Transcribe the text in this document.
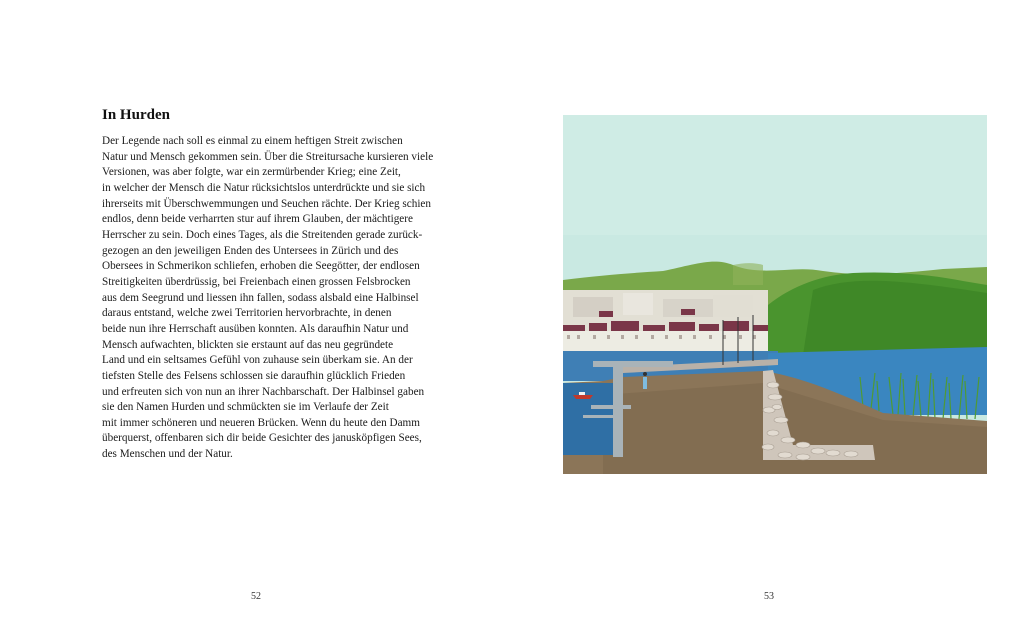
In Hurden
Der Legende nach soll es einmal zu einem heftigen Streit zwischen
Natur und Mensch gekommen sein. Über die Streitursache kursieren viele
Versionen, was aber folgte, war ein zermürbender Krieg; eine Zeit,
in welcher der Mensch die Natur rücksichtslos unterdrückte und sie sich
ihrerseits mit Überschwemmungen und Seuchen rächte. Der Krieg schien
endlos, denn beide verharrten stur auf ihrem Glauben, der mächtigere
Herrscher zu sein. Doch eines Tages, als die Streitenden gerade zurück-
gezogen an den jeweiligen Enden des Untersees in Zürich und des
Obersees in Schmerikon schliefen, erhoben die Seegötter, der endlosen
Streitigkeiten überdrüssig, bei Freienbach einen grossen Felsbrocken
aus dem Seegrund und liessen ihn fallen, sodass alsbald eine Halbinsel
daraus entstand, welche zwei Territorien hervorbrachte, in denen
beide nun ihre Herrschaft ausüben konnten. Als daraufhin Natur und
Mensch aufwachten, blickten sie erstaunt auf das neu gegründete
Land und ein seltsames Gefühl von zuhause sein überkam sie. An der
tiefsten Stelle des Felsens schlossen sie daraufhin glücklich Frieden
und erfreuten sich von nun an ihrer Nachbarschaft. Der Halbinsel gaben
sie den Namen Hurden und schmückten sie im Verlaufe der Zeit
mit immer schöneren und neueren Brücken. Wenn du heute den Damm
überquerst, offenbaren sich dir beide Gesichter des janusköpfigen Sees,
des Menschen und der Natur.
52	53
